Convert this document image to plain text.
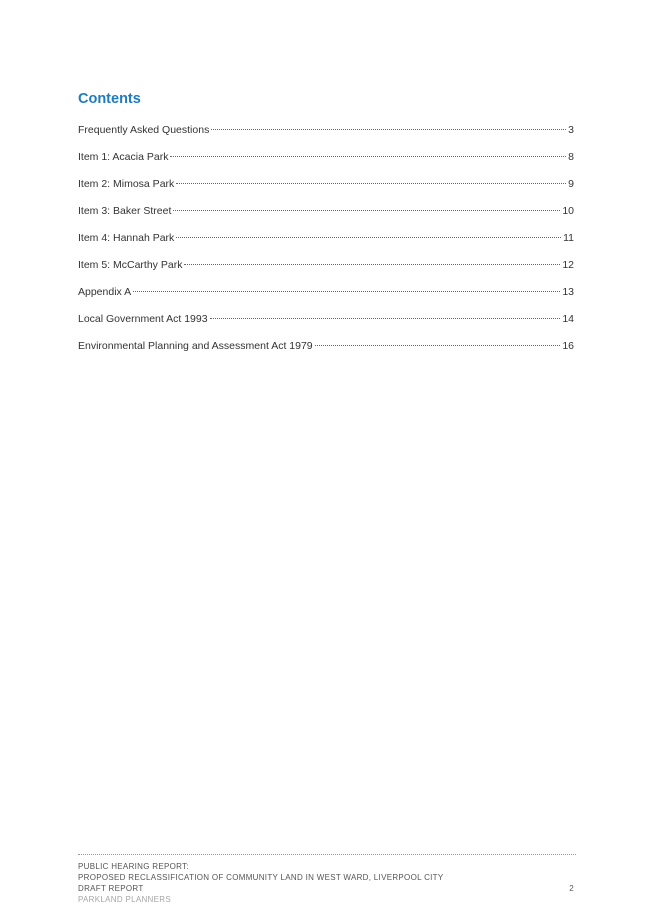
Contents
Frequently Asked Questions	3
Item 1: Acacia Park	8
Item 2: Mimosa Park	9
Item 3: Baker Street	10
Item 4: Hannah Park	11
Item 5: McCarthy Park	12
Appendix A	13
Local Government Act 1993	14
Environmental Planning and Assessment Act 1979	16
PUBLIC HEARING REPORT:
PROPOSED RECLASSIFICATION OF COMMUNITY LAND IN WEST WARD, LIVERPOOL CITY
DRAFT REPORT
PARKLAND PLANNERS
2
